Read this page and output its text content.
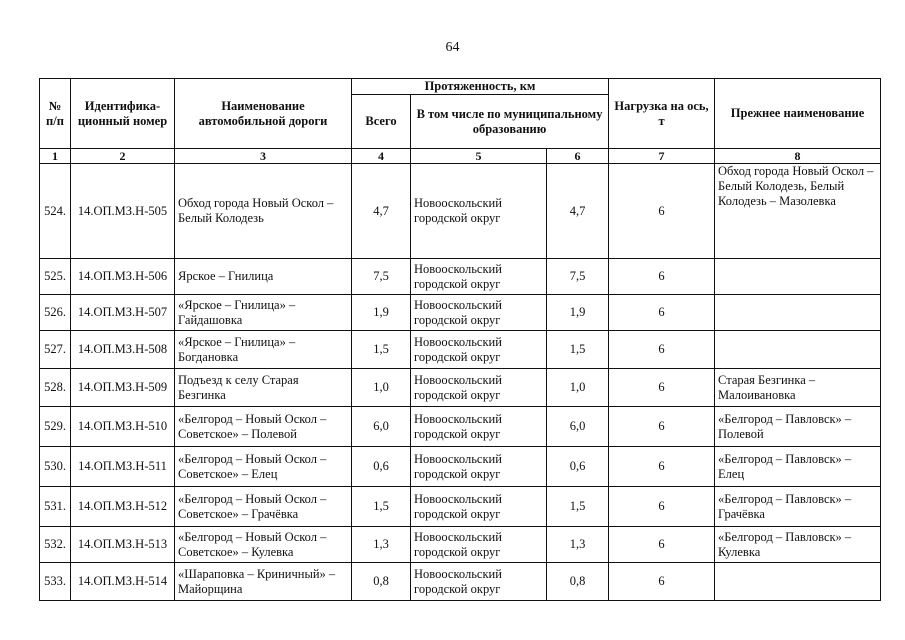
64
№ п/п	Идентифика-ционный номер	Наименование автомобильной дороги	Протяженность, км			Нагрузка на ось, т	Прежнее наименование
			Всего	В том числе по муниципальному образованию			
1	2	3	4	5	6	7	8
524.	14.ОП.МЗ.Н-505	Обход города Новый Оскол – Белый Колодезь	4,7	Новооскольский городской округ	4,7	6	Обход города Новый Оскол – Белый Колодезь, Белый Колодезь – Мазолевка
525.	14.ОП.МЗ.Н-506	Ярское – Гнилица	7,5	Новооскольский городской округ	7,5	6	
526.	14.ОП.МЗ.Н-507	«Ярское – Гнилица» – Гайдашовка	1,9	Новооскольский городской округ	1,9	6	
527.	14.ОП.МЗ.Н-508	«Ярское – Гнилица» – Богдановка	1,5	Новооскольский городской округ	1,5	6	
528.	14.ОП.МЗ.Н-509	Подъезд к селу Старая Безгинка	1,0	Новооскольский городской округ	1,0	6	Старая Безгинка – Малоивановка
529.	14.ОП.МЗ.Н-510	«Белгород – Новый Оскол – Советское» – Полевой	6,0	Новооскольский городской округ	6,0	6	«Белгород – Павловск» – Полевой
530.	14.ОП.МЗ.Н-511	«Белгород – Новый Оскол – Советское» – Елец	0,6	Новооскольский городской округ	0,6	6	«Белгород – Павловск» – Елец
531.	14.ОП.МЗ.Н-512	«Белгород – Новый Оскол – Советское» – Грачёвка	1,5	Новооскольский городской округ	1,5	6	«Белгород – Павловск» – Грачёвка
532.	14.ОП.МЗ.Н-513	«Белгород – Новый Оскол – Советское» – Кулевка	1,3	Новооскольский городской округ	1,3	6	«Белгород – Павловск» – Кулевка
533.	14.ОП.МЗ.Н-514	«Шараповка – Криничный» – Майорщина	0,8	Новооскольский городской округ	0,8	6	
